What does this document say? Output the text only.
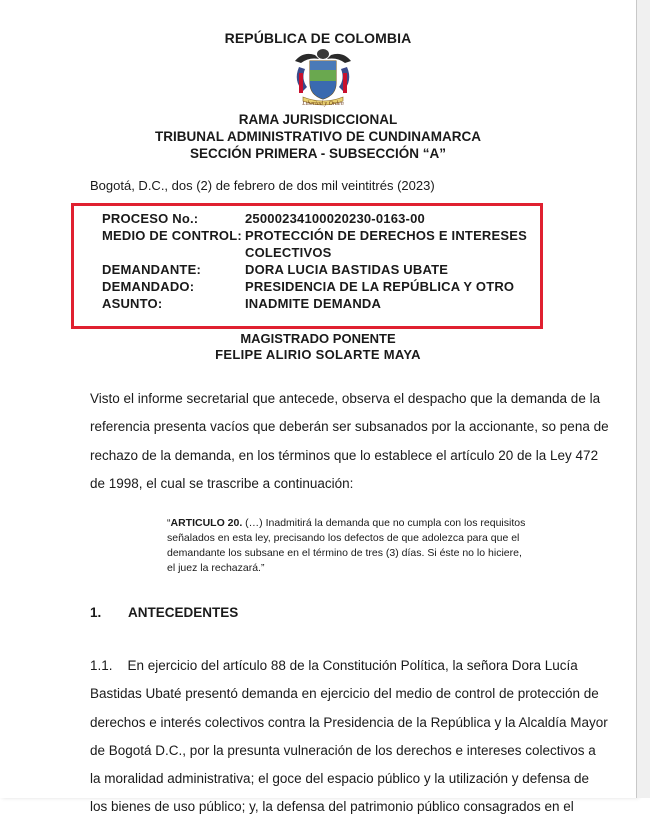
REPÚBLICA DE COLOMBIA
Libertad y Orden
RAMA JURISDICCIONAL
TRIBUNAL ADMINISTRATIVO DE CUNDINAMARCA
SECCIÓN PRIMERA - SUBSECCIÓN “A”
Bogotá, D.C., dos (2) de febrero de dos mil veintitrés (2023)
PROCESO No.:	25000234100020230-0163-00
MEDIO DE CONTROL: PROTECCIÓN DE DERECHOS E INTERESES
COLECTIVOS
DEMANDANTE:	DORA LUCIA BASTIDAS UBATE
DEMANDADO:	PRESIDENCIA DE LA REPÚBLICA Y OTRO
ASUNTO:	INADMITE DEMANDA
MAGISTRADO PONENTE
FELIPE ALIRIO SOLARTE MAYA
Visto el informe secretarial que antecede, observa el despacho que la demanda de la
referencia presenta vacíos que deberán ser subsanados por la accionante, so pena de
rechazo de la demanda, en los términos que lo establece el artículo 20 de la Ley 472
de 1998, el cual se trascribe a continuación:
“ARTICULO 20. (…) Inadmitirá la demanda que no cumpla con los requisitos
señalados en esta ley, precisando los defectos de que adolezca para que el
demandante los subsane en el término de tres (3) días. Si éste no lo hiciere,
el juez la rechazará.”
1. ANTECEDENTES
1.1.    En ejercicio del artículo 88 de la Constitución Política, la señora Dora Lucía
Bastidas Ubaté presentó demanda en ejercicio del medio de control de protección de
derechos e interés colectivos contra la Presidencia de la República y la Alcaldía Mayor
de Bogotá D.C., por la presunta vulneración de los derechos e intereses colectivos a
la moralidad administrativa; el goce del espacio público y la utilización y defensa de
los bienes de uso público; y, la defensa del patrimonio público consagrados en el
